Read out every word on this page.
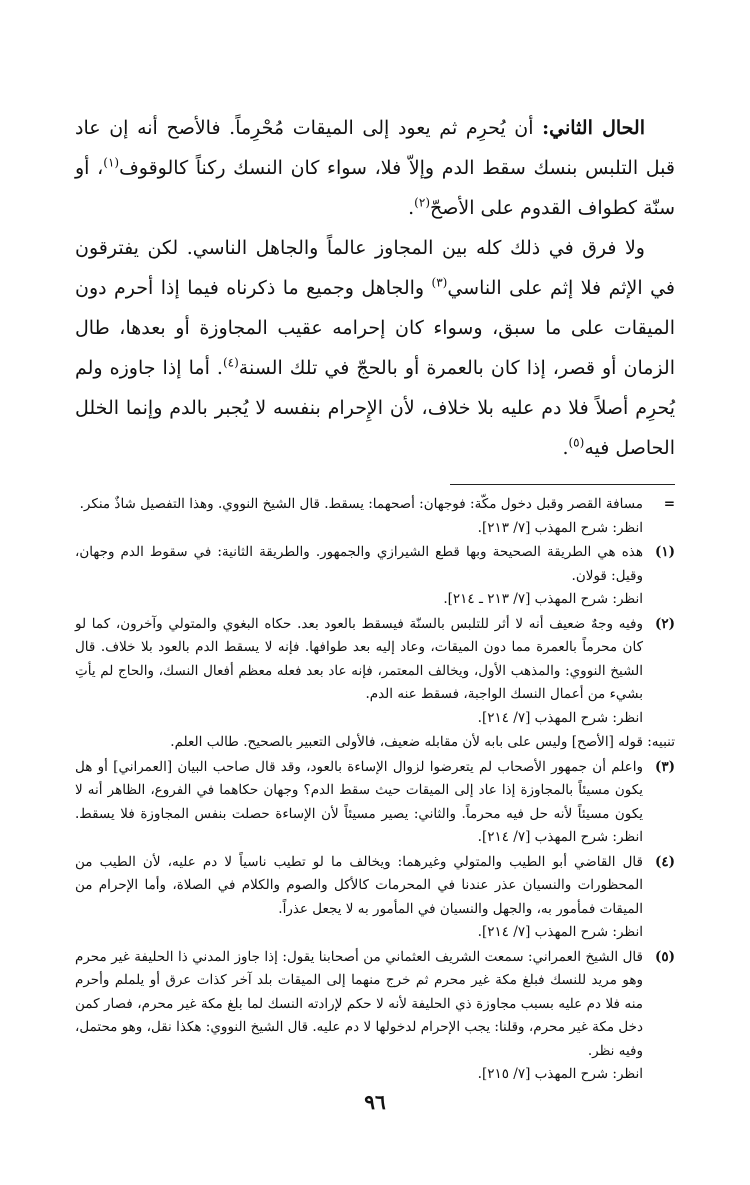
الحال الثاني: أن يُحرِم ثم يعود إلى الميقات مُحْرِماً. فالأصح أنه إن عاد قبل التلبس بنسك سقط الدم وإلاّ فلا، سواء كان النسك ركناً كالوقوف$^{(١)}$، أو سنّة كطواف القدوم على الأصحّ$^{(٢)}$.

ولا فرق في ذلك كله بين المجاوز عالماً والجاهل الناسي. لكن يفترقون في الإثم فلا إثم على الناسي$^{(٣)}$ والجاهل وجميع ما ذكرناه فيما إذا أحرم دون الميقات على ما سبق، وسواء كان إحرامه عقيب المجاوزة أو بعدها، طال الزمان أو قصر، إذا كان بالعمرة أو بالحجّ في تلك السنة$^{(٤)}$. أما إذا جاوزه ولم يُحرِم أصلاً فلا دم عليه بلا خلاف، لأن الإِحرام بنفسه لا يُجبر بالدم وإنما الخلل الحاصل فيه$^{(٥)}$.

=
مسافة القصر وقبل دخول مكّة: فوجهان: أصحهما: يسقط. قال الشيخ النووي. وهذا التفصيل شاذٌ منكر.
انظر: شرح المهذب [٧/ ٢١٣].
(١)
هذه هي الطريقة الصحيحة وبها قطع الشيرازي والجمهور. والطريقة الثانية: في سقوط الدم وجهان، وقيل: قولان.
انظر: شرح المهذب [٧/ ٢١٣ ـ ٢١٤].
(٢)
وفيه وجهٌ ضعيف أنه لا أثر للتلبس بالسنّة فيسقط بالعود بعد. حكاه البغوي والمتولي وآخرون، كما لو كان محرماً بالعمرة مما دون الميقات، وعاد إليه بعد طوافها. فإنه لا يسقط الدم بالعود بلا خلاف. قال الشيخ النووي: والمذهب الأول، ويخالف المعتمر، فإنه عاد بعد فعله معظم أفعال النسك، والحاج لم يأتِ بشيء من أعمال النسك الواجبة، فسقط عنه الدم.
انظر: شرح المهذب [٧/ ٢١٤].
تنبيه: قوله [الأصح] وليس على بابه لأن مقابله ضعيف، فالأولى التعبير بالصحيح. طالب العلم.
(٣)
واعلم أن جمهور الأصحاب لم يتعرضوا لزوال الإساءة بالعود، وقد قال صاحب البيان [العمراني] أو هل يكون مسيئاً بالمجاوزة إذا عاد إلى الميقات حيث سقط الدم؟ وجهان حكاهما في الفروع، الظاهر أنه لا يكون مسيئاً لأنه حل فيه محرماً. والثاني: يصير مسيئاً لأن الإساءة حصلت بنفس المجاوزة فلا يسقط. انظر: شرح المهذب [٧/ ٢١٤].
(٤)
قال القاضي أبو الطيب والمتولي وغيرهما: ويخالف ما لو تطيب ناسياً لا دم عليه، لأن الطيب من المحظورات والنسيان عذر عندنا في المحرمات كالأكل والصوم والكلام في الصلاة، وأما الإحرام من الميقات فمأمور به، والجهل والنسيان في المأمور به لا يجعل عذراً.
انظر: شرح المهذب [٧/ ٢١٤].
(٥)
قال الشيخ العمراني: سمعت الشريف العثماني من أصحابنا يقول: إذا جاوز المدني ذا الحليفة غير محرم وهو مريد للنسك فبلغ مكة غير محرم ثم خرج منهما إلى الميقات بلد آخر كذات عرق أو يلملم وأحرم منه فلا دم عليه بسبب مجاوزة ذي الحليفة لأنه لا حكم لإرادته النسك لما بلغ مكة غير محرم، فصار كمن دخل مكة غير محرم، وقلنا: يجب الإحرام لدخولها لا دم عليه. قال الشيخ النووي: هكذا نقل، وهو محتمل، وفيه نظر.
انظر: شرح المهذب [٧/ ٢١٥].
٩٦
